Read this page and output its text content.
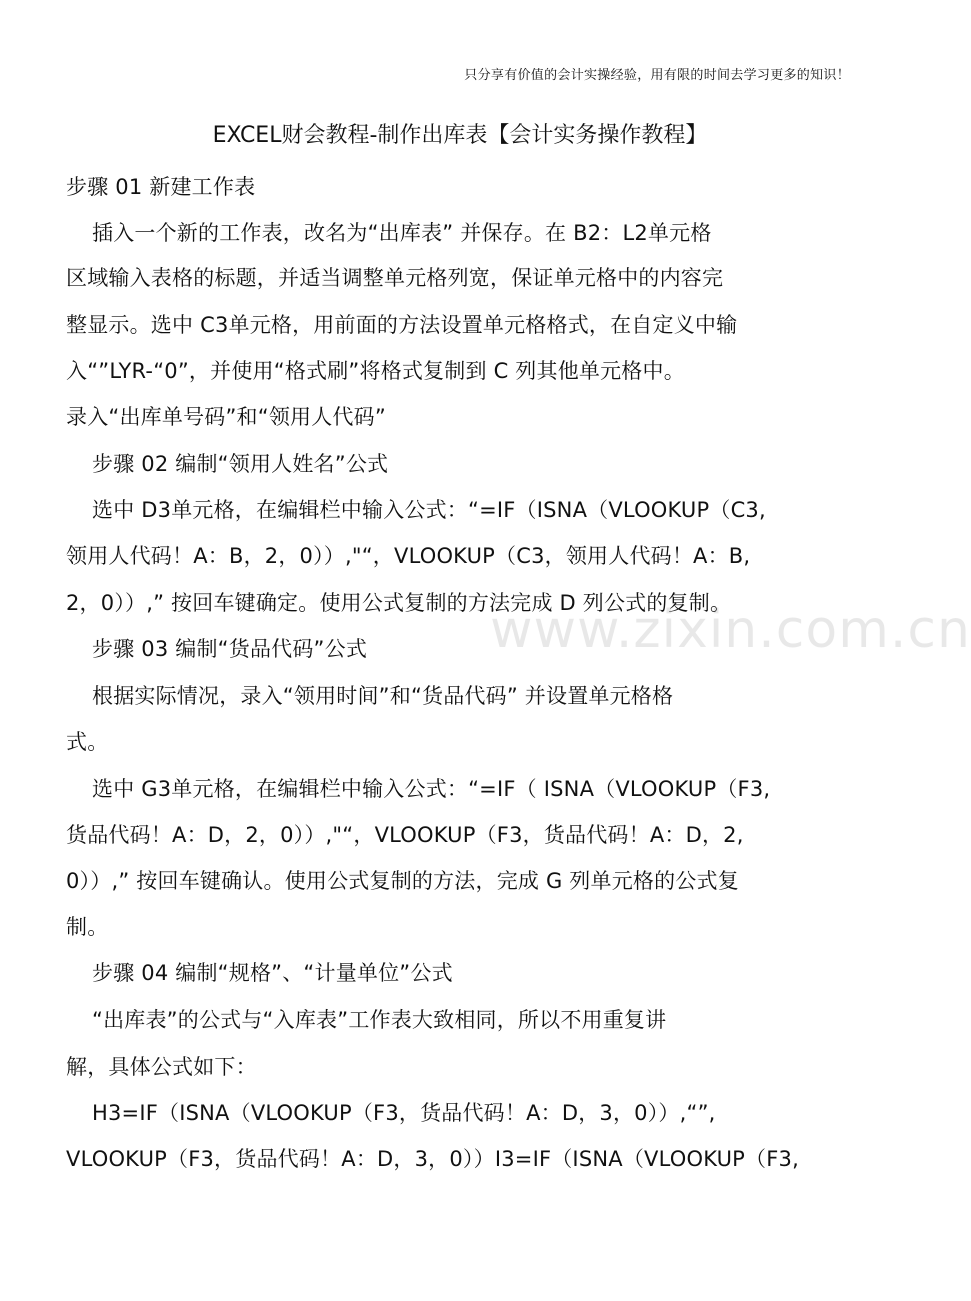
只分享有价值的会计实操经验，用有限的时间去学习更多的知识！
EXCEL财会教程-制作出库表【会计实务操作教程】
步骤 01 新建工作表
插入一个新的工作表，改名为“出库表” 并保存。在 B2：L2单元格
区域输入表格的标题，并适当调整单元格列宽，保证单元格中的内容完
整显示。选中 C3单元格，用前面的方法设置单元格格式，在自定义中输
入“”LYR-“0”，并使用“格式刷”将格式复制到 C 列其他单元格中。
录入“出库单号码”和“领用人代码”
步骤 02 编制“领用人姓名”公式
选中 D3单元格，在编辑栏中输入公式：“=IF（ISNA（VLOOKUP（C3,
领用人代码！A：B，2，0））,"“，VLOOKUP（C3，领用人代码！A：B,
2，0））,” 按回车键确定。使用公式复制的方法完成 D 列公式的复制。
步骤 03 编制“货品代码”公式
根据实际情况，录入“领用时间”和“货品代码” 并设置单元格格
式。
选中 G3单元格，在编辑栏中输入公式：“=IF（ ISNA（VLOOKUP（F3,
货品代码！A：D，2，0））,"“，VLOOKUP（F3，货品代码！A：D，2,
0））,” 按回车键确认。使用公式复制的方法，完成 G 列单元格的公式复
制。
步骤 04 编制“规格”、“计量单位”公式
“出库表”的公式与“入库表”工作表大致相同，所以不用重复讲
解，具体公式如下：
H3=IF（ISNA（VLOOKUP（F3，货品代码！A：D，3，0））,“”,
VLOOKUP（F3，货品代码！A：D，3，0））I3=IF（ISNA（VLOOKUP（F3,
www.zixin.com.cn
